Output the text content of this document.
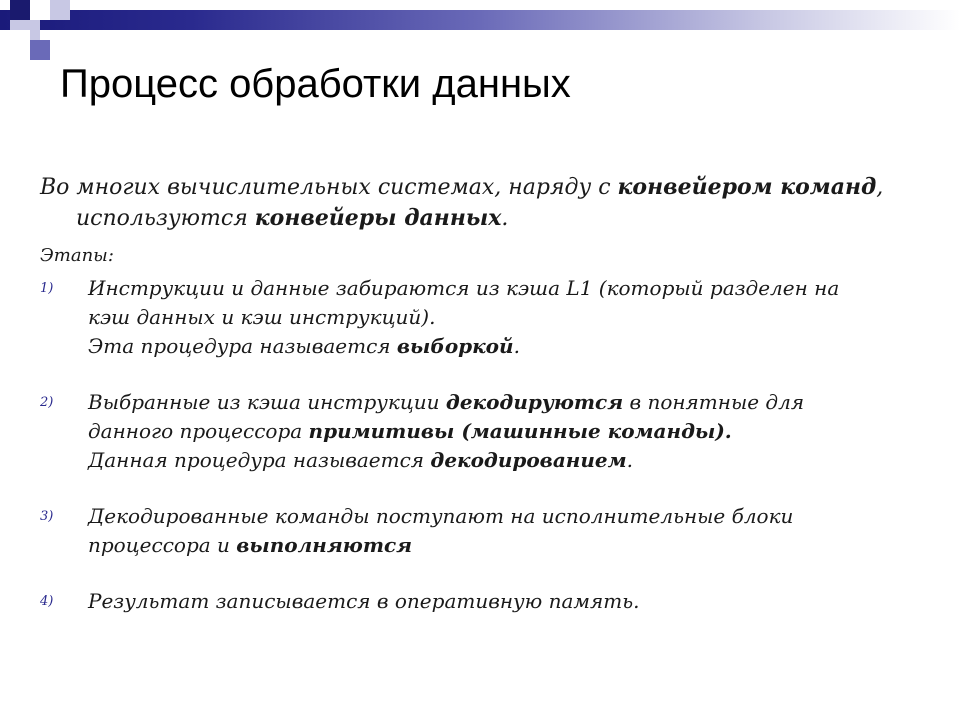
Процесс обработки данных

Во многих вычислительных системах, наряду с конвейером команд, используются конвейеры данных.

Этапы:

1) Инструкции и данные забираются из кэша L1 (который разделен на
кэш данных и кэш инструкций).
Эта процедура называется выборкой.
2) Выбранные из кэша инструкции декодируются в понятные для
данного процессора примитивы (машинные команды).
Данная процедура называется декодированием.
3) Декодированные команды поступают на исполнительные блоки
процессора и выполняются
4) Результат записывается в оперативную память.
